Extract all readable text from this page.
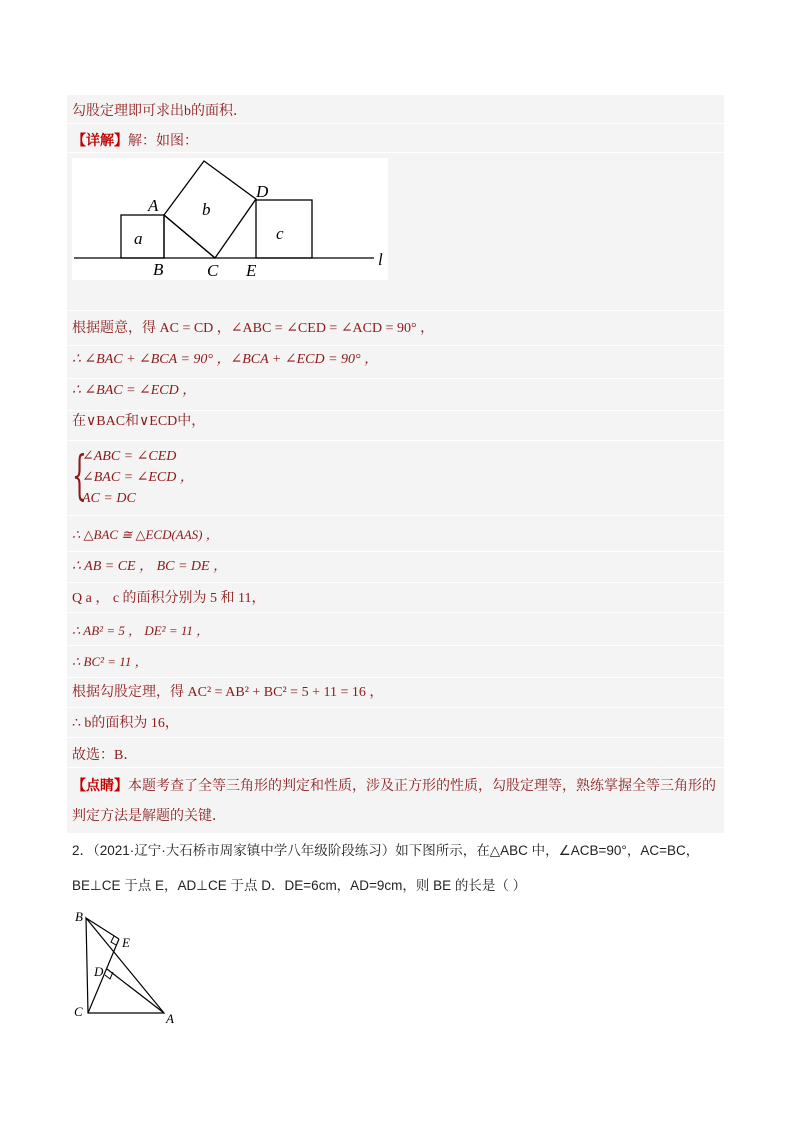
勾股定理即可求出b的面积．
【详解】解：如图：
a
b
c
A
B	C
D
E
l
根据题意，得 AC = CD ，∠ABC = ∠CED = ∠ACD = 90° ，
∴ ∠BAC + ∠BCA = 90° ，∠BCA + ∠ECD = 90° ，
∴ ∠BAC = ∠ECD ，
在∨BAC和∨ECD中，
{
∠ABC = ∠CED
∠BAC = ∠ECD ，
AC = DC
∴ △BAC ≅ △ECD(AAS) ，
∴ AB = CE ， BC = DE ，
Q a ， c 的面积分别为 5 和 11，
∴ AB² = 5 ， DE² = 11 ，
∴ BC² = 11 ，
根据勾股定理，得 AC² = AB² + BC² = 5 + 11 = 16 ，
∴ b的面积为 16，
故选：B．
【点睛】本题考查了全等三角形的判定和性质，涉及正方形的性质，勾股定理等，熟练掌握全等三角形的
判定方法是解题的关键．
2．（2021·辽宁·大石桥市周家镇中学八年级阶段练习）如下图所示，在△ABC 中，∠ACB=90°，AC=BC，
BE⊥CE 于点 E，AD⊥CE 于点 D．DE=6cm，AD=9cm，则 BE 的长是（ ）
B
E
D
C	A
